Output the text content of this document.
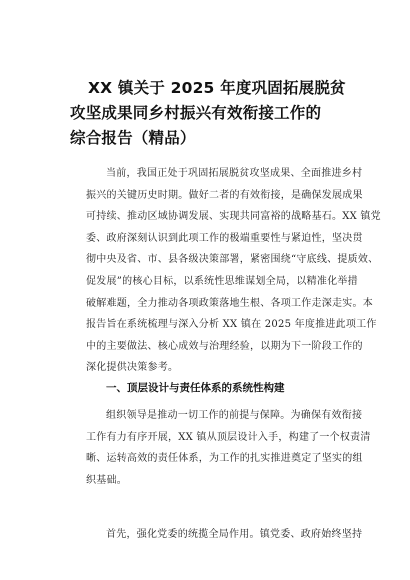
XX 镇关于 2025 年度巩固拓展脱贫
攻坚成果同乡村振兴有效衔接工作的
综合报告（精品）
当前，我国正处于巩固拓展脱贫攻坚成果、全面推进乡村
振兴的关键历史时期。做好二者的有效衔接，是确保发展成果
可持续、推动区域协调发展、实现共同富裕的战略基石。XX 镇党
委、政府深刻认识到此项工作的极端重要性与紧迫性，坚决贯
彻中央及省、市、县各级决策部署，紧密围绕“守底线、提质效、
促发展”的核心目标，以系统性思维谋划全局，以精准化举措
破解难题，全力推动各项政策落地生根、各项工作走深走实。本
报告旨在系统梳理与深入分析 XX 镇在 2025 年度推进此项工作
中的主要做法、核心成效与治理经验，以期为下一阶段工作的
深化提供决策参考。
一、顶层设计与责任体系的系统性构建
组织领导是推动一切工作的前提与保障。为确保有效衔接
工作有力有序开展，XX 镇从顶层设计入手，构建了一个权责清
晰、运转高效的责任体系，为工作的扎实推进奠定了坚实的组
织基础。
首先，强化党委的统揽全局作用。镇党委、政府始终坚持
